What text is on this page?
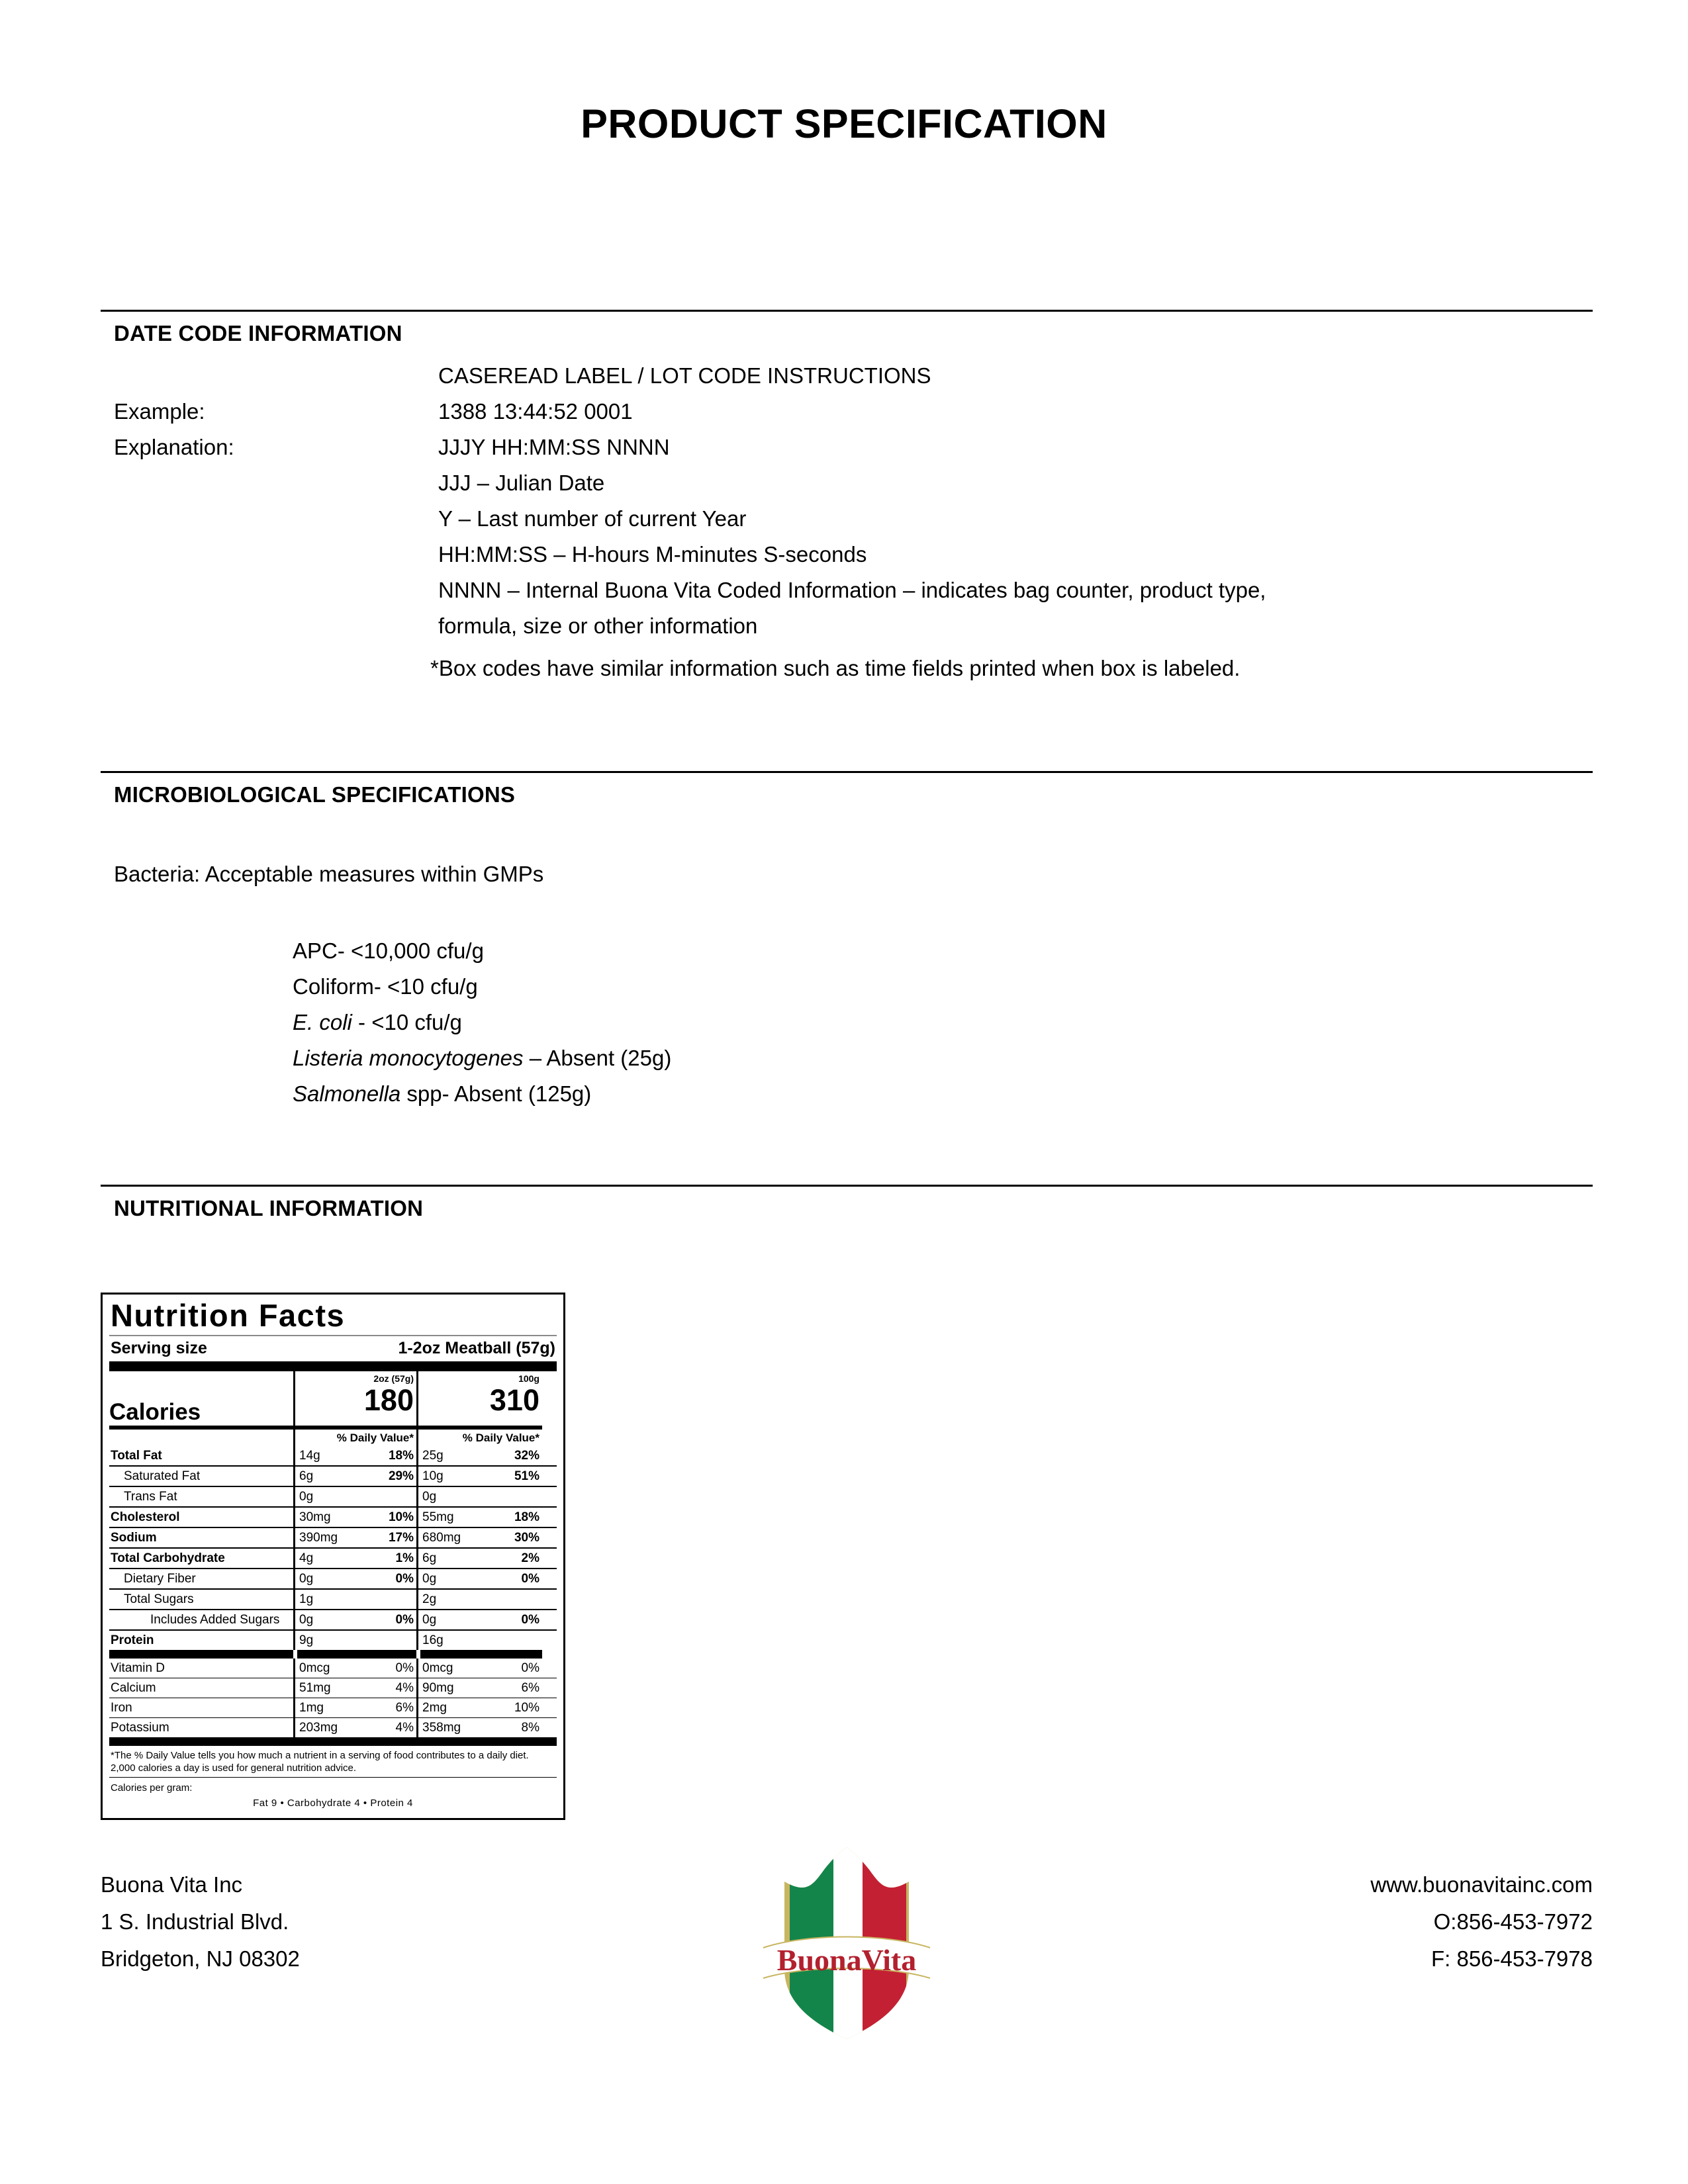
PRODUCT SPECIFICATION
DATE CODE INFORMATION
CASEREAD LABEL / LOT CODE INSTRUCTIONS
Example:	1388 13:44:52 0001
Explanation:	JJJY HH:MM:SS NNNN
JJJ – Julian Date
Y – Last number of current Year
HH:MM:SS – H-hours M-minutes S-seconds
NNNN – Internal Buona Vita Coded Information – indicates bag counter, product type,
formula, size or other information
*Box codes have similar information such as time fields printed when box is labeled.
MICROBIOLOGICAL SPECIFICATIONS
Bacteria: Acceptable measures within GMPs
APC- <10,000 cfu/g
Coliform- <10 cfu/g
E. coli - <10 cfu/g
Listeria monocytogenes – Absent (25g)
Salmonella spp- Absent (125g)
NUTRITIONAL INFORMATION
Nutrition Facts
Serving size	1-2oz Meatball (57g)
2oz (57g)	100g
Calories	180	310
% Daily Value*	% Daily Value*
Total Fat	14g	18% 25g	32%
Saturated Fat	6g	29% 10g	51%
Trans Fat	0g	0g
Cholesterol	30mg	10% 55mg	18%
Sodium	390mg	17% 680mg	30%
Total Carbohydrate	4g	1% 6g	2%
Dietary Fiber	0g	0% 0g	0%
Total Sugars	1g	2g
Includes Added Sugars	0g	0% 0g	0%
Protein	9g	16g
Vitamin D	0mcg	0% 0mcg	0%
Calcium	51mg	4% 90mg	6%
Iron	1mg	6% 2mg	10%
Potassium	203mg	4% 358mg	8%
*The % Daily Value tells you how much a nutrient in a serving of food contributes to a daily diet. 2,000 calories a day is used for general nutrition advice.
Calories per gram:
Fat 9 • Carbohydrate 4 • Protein 4
Buona Vita Inc
1 S. Industrial Blvd.
Bridgeton, NJ 08302	BuonaVita
www.buonavitainc.com
O:856-453-7972
F: 856-453-7978
